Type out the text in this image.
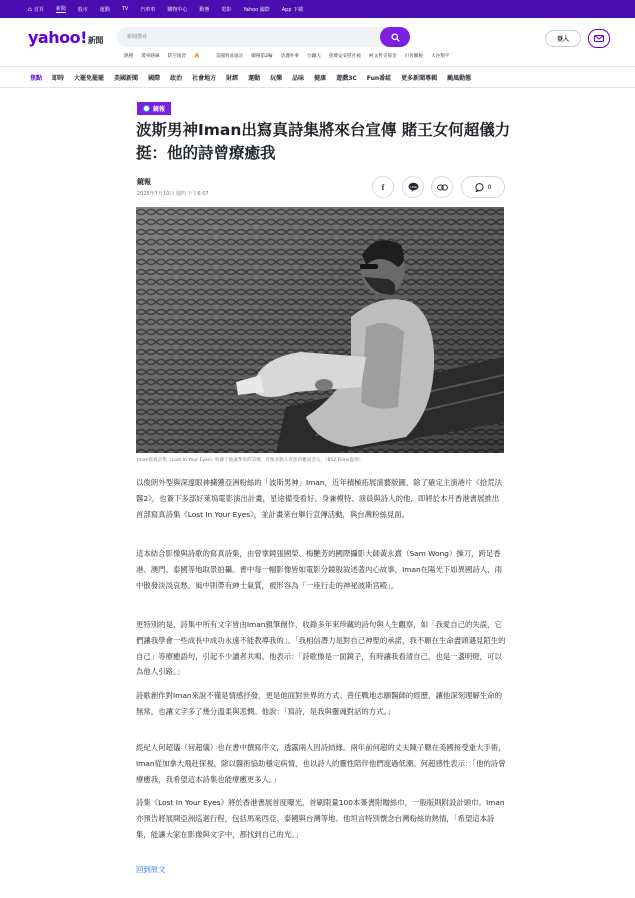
⌂ 首頁 新聞 股市 運動 TV 汽車車 購物中心 動態 電影 Yahoo 國際 App 下載
yahoo!新聞	新聞搜尋
熱搜 裝車路線 防空演習 🔥	美國貿易協定 關稅第2輪 清邁外事 台鐵大 慈濟安安慰社核 柯文哲交保金 川普關稅 大谷翔平
登入
焦點 即時 大罷免罷罷 美國新聞 國際 政治 社會地方 財經 運動 玩樂 品味 健康 遊戲3C Fun番組 更多新聞專輯 颱風動態
鏡報
波斯男神Iman出寫真詩集將來台宣傳 賭王女何超儀力挺：他的詩曾療癒我
鏡報
2025年7月10日 週四 下午6:07
f	LINE	0
Iman寫真詩集《Lost In Your Eyes》收錄了他誠摯寫的詩歌，有很多動人省思的雞湯金句。（852 Films提供）

以俊朗外型與深邃眼神擄獲亞洲粉絲的「波斯男神」Iman，近年積極拓展演藝版圖，除了確定主演港片《拾荒法醫2》，也簽下多部好萊塢電影演出計畫，星途備受看好。身兼模特、演員與詩人的他，即將於本月香港書展推出首部寫真詩集《Lost In Your Eyes》，並計畫來台舉行宣傳活動，與台灣粉絲見面。

這本結合影像與詩歌的寫真詩集，由曾掌鏡張國榮、梅艷芳的國際攝影大師黃永熹（Sam Wong）操刀，跨足香港、澳門、泰國等地取景拍攝。書中每一幅影像皆如電影分鏡般敘述著內心故事，Iman在陽光下如異國詩人，雨中散發淡淡哀愁，風中則帶有紳士氣質，被形容為「一座行走的神祕波斯宮殿」。

更特別的是，詩集中所有文字皆由Iman親筆創作，收錄多年來珍藏的詩句與人生觀察，如「我愛自己的失誤，它們讓我學會一些成長中成功永遠不能教導我的」、「我相信潛力是對自己神聖的承諾，我不願在生命盡頭遇見陌生的自己」等療癒語句，引起不少讀者共鳴。他表示：「詩歌像是一面鏡子，有時讓我看清自己，也是一盞明燈，可以為他人引路。」

詩歌創作對Iman來說不僅是情感抒發，更是他面對世界的方式。曾任戰地志願醫師的經歷，讓他深刻理解生命的無常，也讓文字多了幾分溫柔與悲憫。他說：「寫詩，是我與靈魂對話的方式。」

經紀人何超儀（何超儀）也在書中撰寫序文，透露兩人因詩結緣。兩年前何超的丈夫陳子聰在美國接受重大手術，Iman從加拿大飛赴探視，除以醫術協助穩定病情，也以詩人的靈性陪伴他們度過低潮。何超感性表示：「他的詩曾療癒我，我希望這本詩集也能療癒更多人。」

詩集《Lost In Your Eyes》將於香港書展首度曝光，首刷限量100本簽書附贈絲巾，一般版則附設計頭巾。Iman亦預告將展開亞洲巡迴行程，包括馬來西亞、泰國與台灣等地。他坦言特別懷念台灣粉絲的熱情，「希望這本詩集，能讓大家在影像與文字中，都找到自己的光。」

回到原文
